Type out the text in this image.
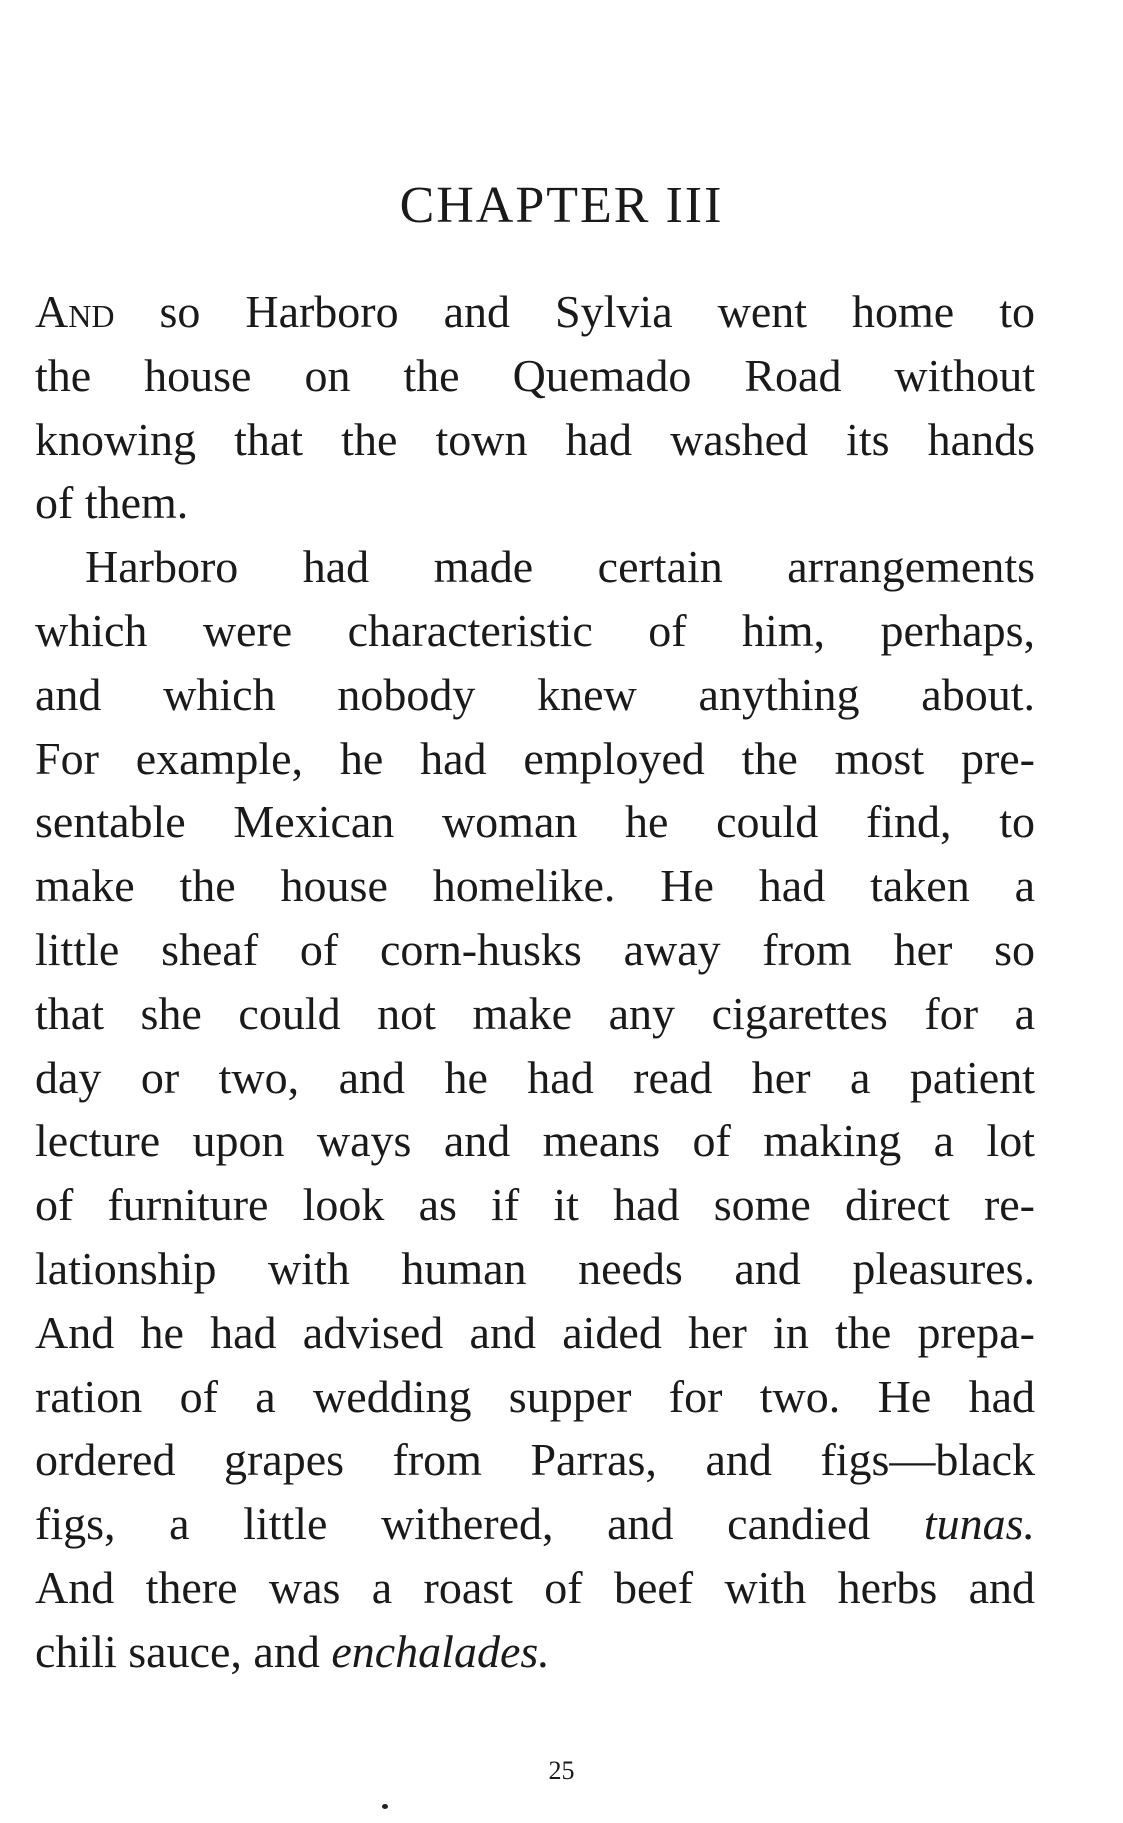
CHAPTER III

And so Harboro and Sylvia went home to
the house on the Quemado Road without
knowing that the town had washed its hands
of them.

Harboro had made certain arrangements
which were characteristic of him, perhaps,
and which nobody knew anything about.
For example, he had employed the most pre-
sentable Mexican woman he could find, to
make the house homelike. He had taken a
little sheaf of corn-husks away from her so
that she could not make any cigarettes for a
day or two, and he had read her a patient
lecture upon ways and means of making a lot
of furniture look as if it had some direct re-
lationship with human needs and pleasures.
And he had advised and aided her in the prepa-
ration of a wedding supper for two. He had
ordered grapes from Parras, and figs—black
figs, a little withered, and candied tunas.
And there was a roast of beef with herbs and
chili sauce, and enchalades.

25
